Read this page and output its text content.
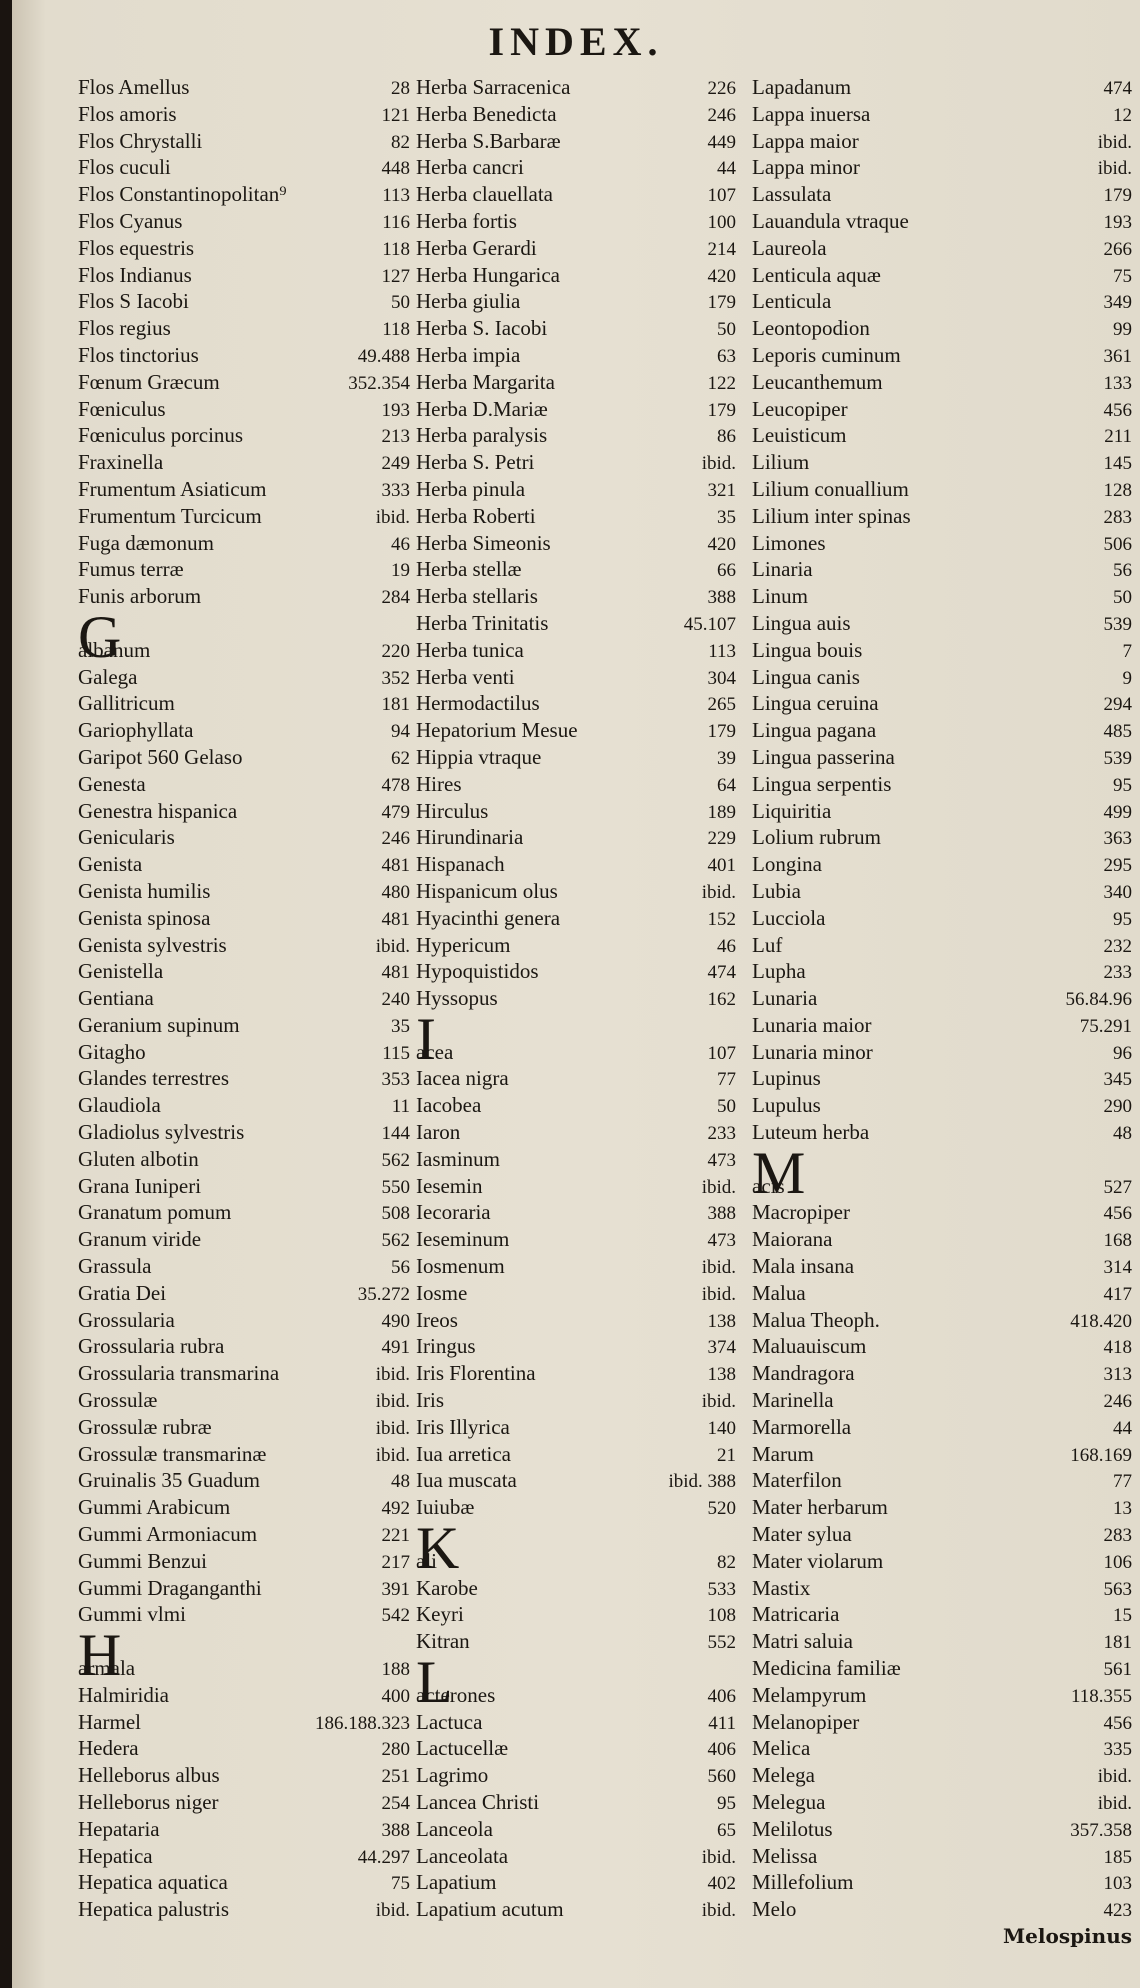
INDEX.
Flos Amellus	28
Flos amoris	121
Flos Chrystalli	82
Flos cuculi	448
Flos Constantinopolitan⁹	113
Flos Cyanus	116
Flos equestris	118
Flos Indianus	127
Flos S Iacobi	50
Flos regius	118
Flos tinctorius	49.488
Fœnum Græcum	352.354
Fœniculus	193
Fœniculus porcinus	213
Fraxinella	249
Frumentum Asiaticum	333
Frumentum Turcicum	ibid.
Fuga dæmonum	46
Fumus terræ	19
Funis arborum	284
Galbanum	220
Galega	352
Gallitricum	181
Gariophyllata	94
Garipot 560 Gelaso	62
Genesta	478
Genestra hispanica	479
Genicularis	246
Genista	481
Genista humilis	480
Genista spinosa	481
Genista sylvestris	ibid.
Genistella	481
Gentiana	240
Geranium supinum	35
Gitagho	115
Glandes terrestres	353
Glaudiola	11
Gladiolus sylvestris	144
Gluten albotin	562
Grana Iuniperi	550
Granatum pomum	508
Granum viride	562
Grassula	56
Gratia Dei	35.272
Grossularia	490
Grossularia rubra	491
Grossularia transmarina	ibid.
Grossulæ	ibid.
Grossulæ rubræ	ibid.
Grossulæ transmarinæ	ibid.
Gruinalis 35 Guadum	48
Gummi Arabicum	492
Gummi Armoniacum	221
Gummi Benzui	217
Gummi Draganganthi	391
Gummi vlmi	542
Harmala	188
Halmiridia	400
Harmel	186.188.323
Hedera	280
Helleborus albus	251
Helleborus niger	254
Hepataria	388
Hepatica	44.297
Hepatica aquatica	75
Hepatica palustris	ibid.
Herba Sarracenica	226
Herba Benedicta	246
Herba S.Barbaræ	449
Herba cancri	44
Herba clauellata	107
Herba fortis	100
Herba Gerardi	214
Herba Hungarica	420
Herba giulia	179
Herba S. Iacobi	50
Herba impia	63
Herba Margarita	122
Herba D.Mariæ	179
Herba paralysis	86
Herba S. Petri	ibid.
Herba pinula	321
Herba Roberti	35
Herba Simeonis	420
Herba stellæ	66
Herba stellaris	388
Herba Trinitatis	45.107
Herba tunica	113
Herba venti	304
Hermodactilus	265
Hepatorium Mesue	179
Hippia vtraque	39
Hires	64
Hirculus	189
Hirundinaria	229
Hispanach	401
Hispanicum olus	ibid.
Hyacinthi genera	152
Hypericum	46
Hypoquistidos	474
Hyssopus	162
Iacea	107
Iacea nigra	77
Iacobea	50
Iaron	233
Iasminum	473
Iesemin	ibid.
Iecoraria	388
Ieseminum	473
Iosmenum	ibid.
Iosme	ibid.
Ireos	138
Iringus	374
Iris Florentina	138
Iris	ibid.
Iris Illyrica	140
Iua arretica	21
Iua muscata	ibid. 388
Iuiubæ	520
Kali	82
Karobe	533
Keyri	108
Kitran	552
Lacterones	406
Lactuca	411
Lactucellæ	406
Lagrimo	560
Lancea Christi	95
Lanceola	65
Lanceolata	ibid.
Lapatium	402
Lapatium acutum	ibid.
Lapadanum	474
Lappa inuersa	12
Lappa maior	ibid.
Lappa minor	ibid.
Lassulata	179
Lauandula vtraque	193
Laureola	266
Lenticula aquæ	75
Lenticula	349
Leontopodion	99
Leporis cuminum	361
Leucanthemum	133
Leucopiper	456
Leuisticum	211
Lilium	145
Lilium conuallium	128
Lilium inter spinas	283
Limones	506
Linaria	56
Linum	50
Lingua auis	539
Lingua bouis	7
Lingua canis	9
Lingua ceruina	294
Lingua pagana	485
Lingua passerina	539
Lingua serpentis	95
Liquiritia	499
Lolium rubrum	363
Longina	295
Lubia	340
Lucciola	95
Luf	232
Lupha	233
Lunaria	56.84.96
Lunaria maior	75.291
Lunaria minor	96
Lupinus	345
Lupulus	290
Luteum herba	48
Macis	527
Macropiper	456
Maiorana	168
Mala insana	314
Malua	417
Malua Theoph.	418.420
Maluauiscum	418
Mandragora	313
Marinella	246
Marmorella	44
Marum	168.169
Materfilon	77
Mater herbarum	13
Mater sylua	283
Mater violarum	106
Mastix	563
Matricaria	15
Matri saluia	181
Medicina familiæ	561
Melampyrum	118.355
Melanopiper	456
Melica	335
Melega	ibid.
Melegua	ibid.
Melilotus	357.358
Melissa	185
Millefolium	103
Melo	423
Melospinus
